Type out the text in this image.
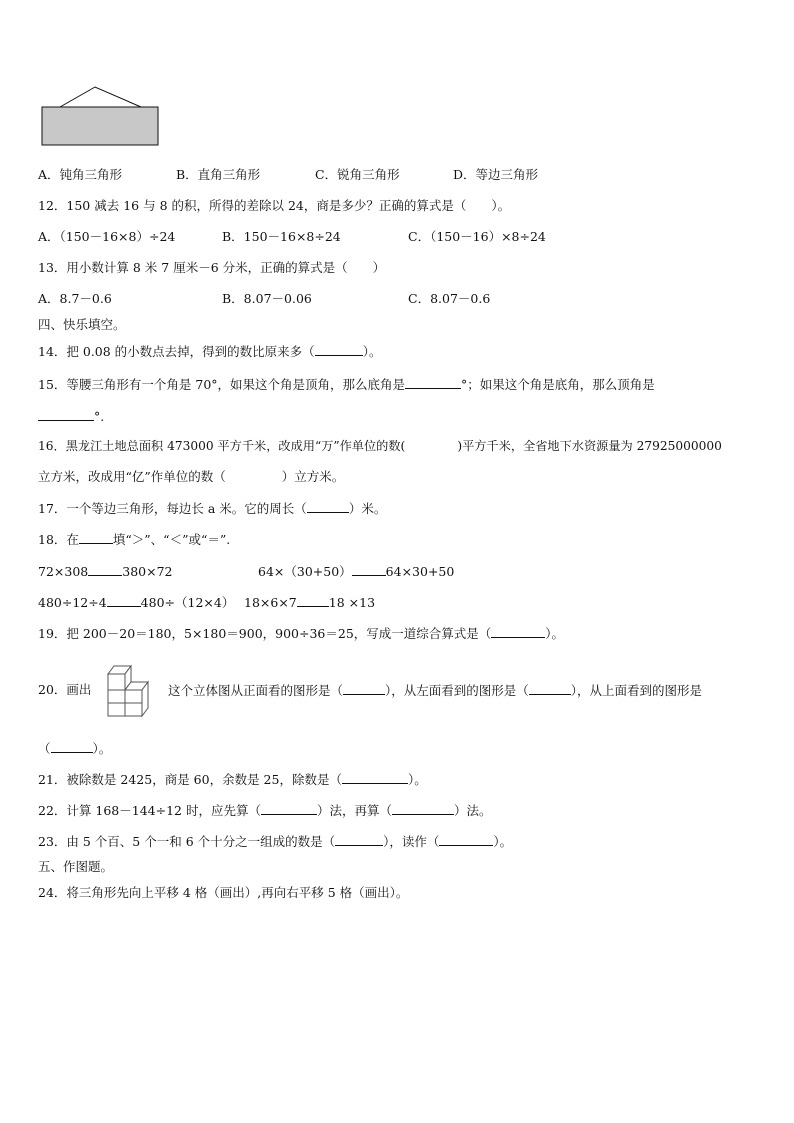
A．钝角三角形	B．直角三角形	C．锐角三角形	D．等边三角形
12．150 减去 16 与 8 的积，所得的差除以 24，商是多少？正确的算式是（　　）。
A．（150－16×8）÷24	B．150－16×8÷24	C．（150－16）×8÷24
13．用小数计算 8 米 7 厘米－6 分米，正确的算式是（　　）
A．8.7－0.6	B．8.07－0.06	C．8.07－0.6
四、快乐填空。
14．把 0.08 的小数点去掉，得到的数比原来多（	）。
15．等腰三角形有一个角是 70°，如果这个角是顶角，那么底角是	°；如果这个角是底角，那么顶角是
°.
16．黑龙江土地总面积 473000 平方千米，改成用“万”作单位的数(	)平方千米，全省地下水资源量为 27925000000
立方米，改成用“亿”作单位的数（	）立方米。
17．一个等边三角形，每边长 a 米。它的周长（	）米。
18．在	填“＞”、“＜”或“＝”.
72×308	380×72	64×（30+50）	64×30+50
480÷12÷4	480÷（12×4） 18×6×7	18 ×13
19．把 200－20＝180，5×180＝900，900÷36＝25，写成一道综合算式是（	）。
20．画出	这个立体图从正面看的图形是（	），从左面看到的图形是（	），从上面看到的图形是
（	）。
21．被除数是 2425，商是 60，余数是 25，除数是（	）。
22．计算 168－144÷12 时，应先算（	）法，再算（	）法。
23．由 5 个百、5 个一和 6 个十分之一组成的数是（	），读作（	）。
五、作图题。
24．将三角形先向上平移 4 格（画出）,再向右平移 5 格（画出）。
